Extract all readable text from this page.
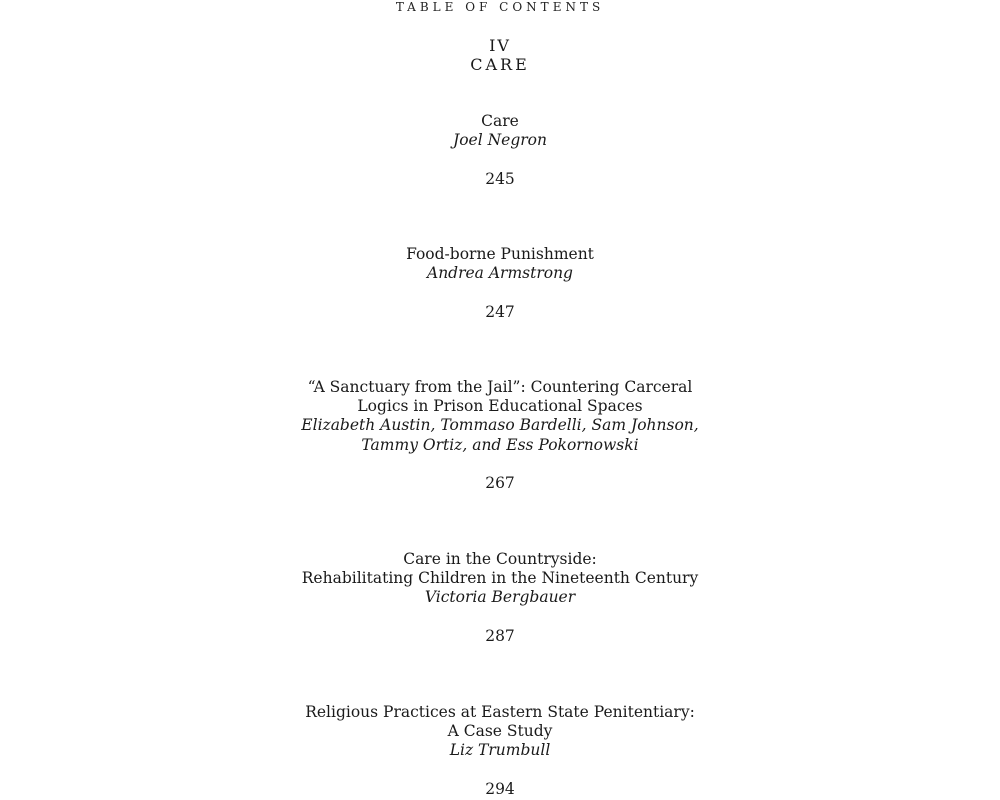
TABLE OF CONTENTS
IV
CARE
Care
Joel Negron
245
Food-borne Punishment
Andrea Armstrong
247
“A Sanctuary from the Jail”: Countering Carceral
Logics in Prison Educational Spaces
Elizabeth Austin, Tommaso Bardelli, Sam Johnson,
Tammy Ortiz, and Ess Pokornowski
267
Care in the Countryside:
Rehabilitating Children in the Nineteenth Century
Victoria Bergbauer
287
Religious Practices at Eastern State Penitentiary:
A Case Study
Liz Trumbull
294
